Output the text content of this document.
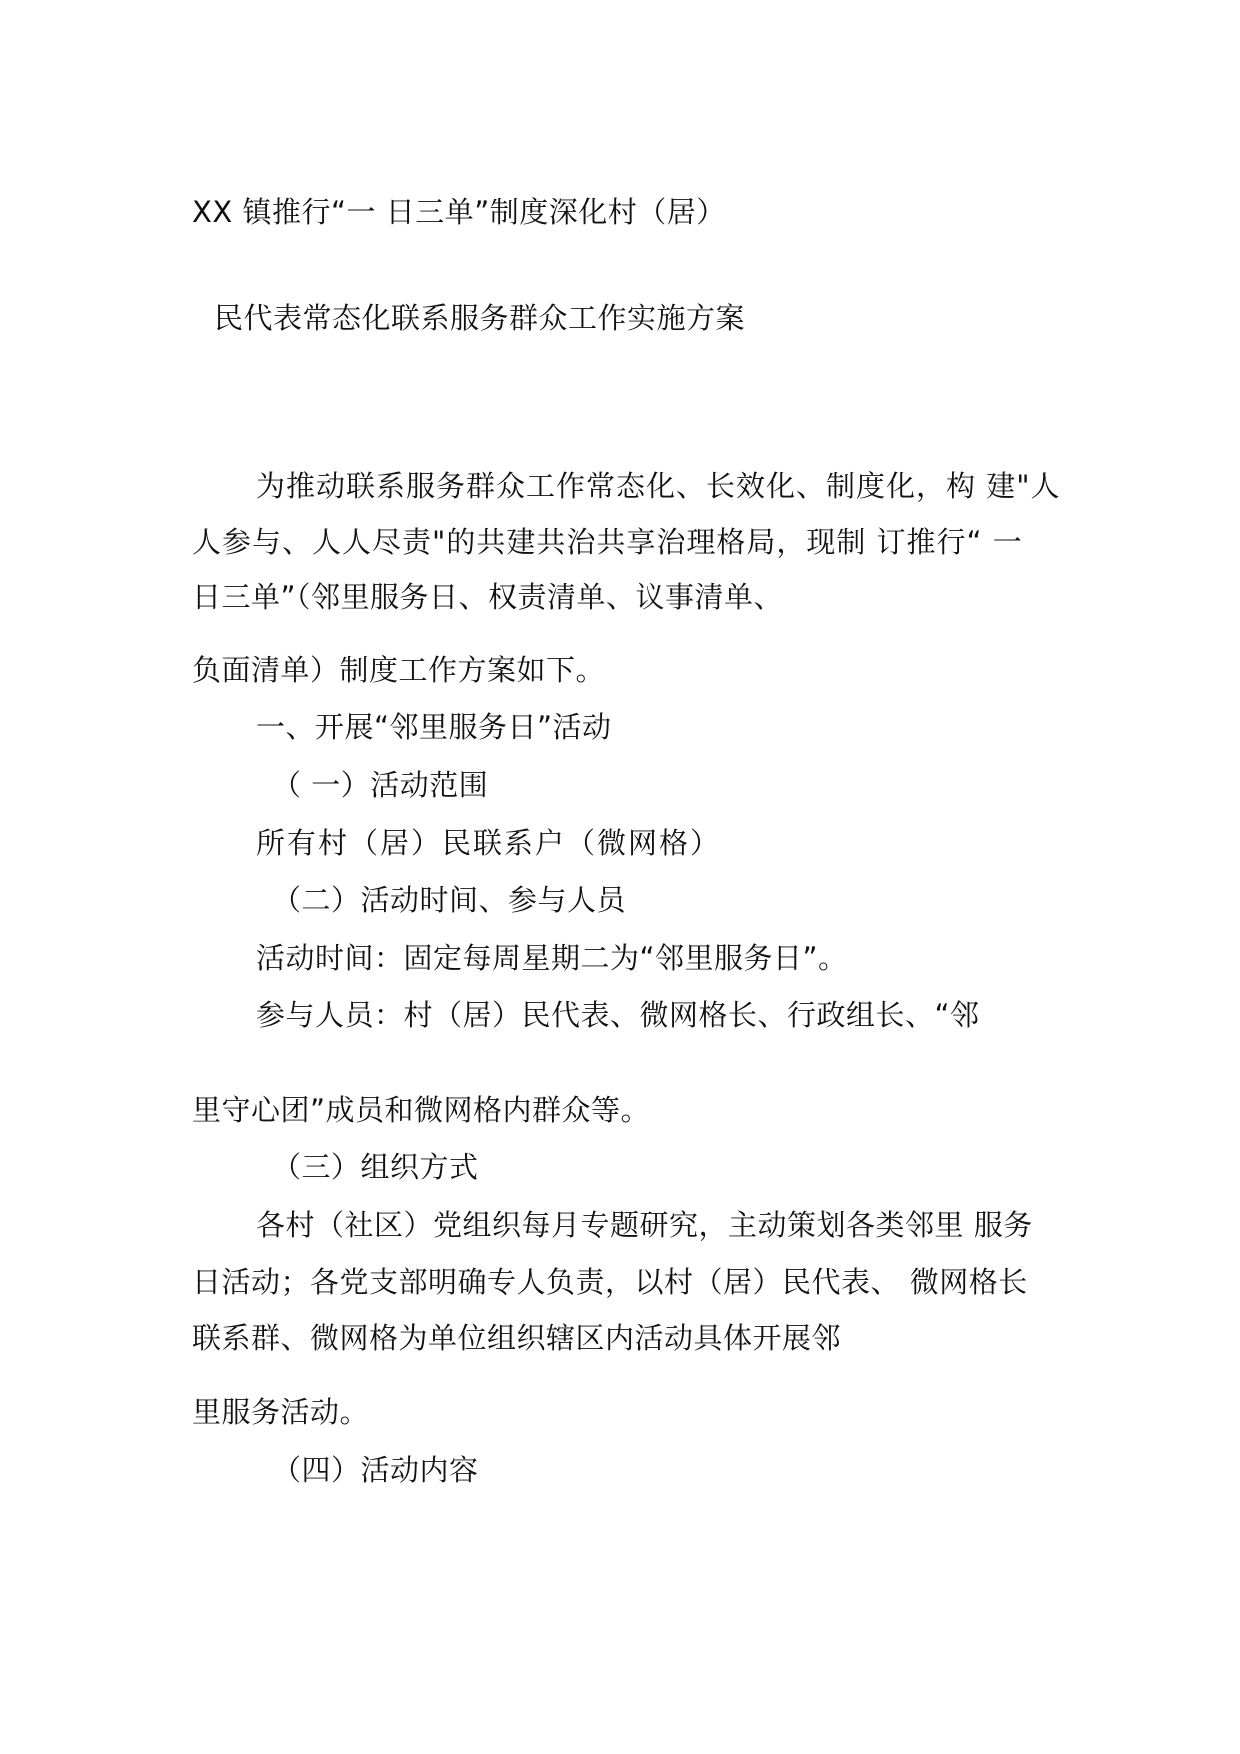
XX 镇推行“一 日三单”制度深化村（居）
民代表常态化联系服务群众工作实施方案
为推动联系服务群众工作常态化、长效化、制度化，构 建"人
人参与、人人尽责"的共建共治共享治理格局，现制 订推行“ 一
日三单”（邻里服务日、权责清单、议事清单、
负面清单）制度工作方案如下。
一、开展“邻里服务日”活动
（ 一）活动范围
所有村（居）民联系户（微网格）
（二）活动时间、参与人员
活动时间：固定每周星期二为“邻里服务日”。
参与人员：村（居）民代表、微网格长、行政组长、“邻
里守心团”成员和微网格内群众等。
（三）组织方式
各村（社区）党组织每月专题研究，主动策划各类邻里 服务
日活动；各党支部明确专人负责，以村（居）民代表、 微网格长
联系群、微网格为单位组织辖区内活动具体开展邻
里服务活动。
（四）活动内容
